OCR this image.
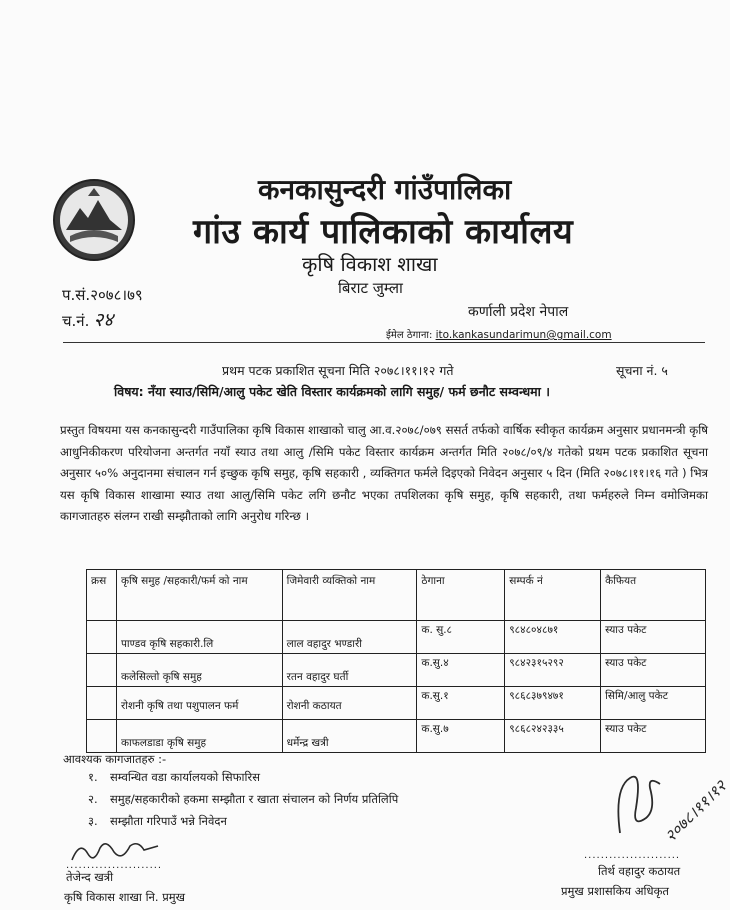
कनकासुन्दरी गांउँपालिका
गांउ कार्य पालिकाको कार्यालय
कृषि विकाश शाखा
बिराट जुम्ला
प.सं.२०७८।७९
च.नं. २४	कर्णाली प्रदेश नेपाल
ईमेल ठेगाना: ito.kankasundarimun@gmail.com
प्रथम पटक प्रकाशित सूचना मिति २०७८।११।१२ गते	सूचना नं. ५
विषय: नँया स्याउ/सिमि/आलु पकेट खेति विस्तार कार्यक्रमको लागि समुह/ फर्म छनौट सम्वन्धमा ।
प्रस्तुत विषयमा यस कनकासुन्दरी गाउँपालिका कृषि विकास शाखाको चालु आ.व.२०७८/०७९ ससर्त तर्फको वार्षिक स्वीकृत कार्यक्रम अनुसार प्रधानमन्त्री कृषि आधुनिकीकरण परियोजना अन्तर्गत नयाँ स्याउ तथा आलु /सिमि पकेट विस्तार कार्यक्रम अन्तर्गत मिति २०७८/०९/४ गतेको प्रथम पटक प्रकाशित सूचना अनुसार ५०% अनुदानमा संचालन गर्न इच्छुक कृषि समुह, कृषि सहकारी , व्यक्तिगत फर्मले दिइएको निवेदन अनुसार ५ दिन (मिति २०७८।११।१६ गते ) भित्र यस कृषि विकास शाखामा स्याउ तथा आलु/सिमि पकेट लगि छनौट भएका तपशिलका कृषि समुह, कृषि सहकारी, तथा फर्महरुले निम्न वमोजिमका कागजातहरु संलग्न राखी सम्झौताको लागि अनुरोध गरिन्छ ।
क्रस	कृषि समुह /सहकारी/फर्म को नाम	जिमेवारी व्यक्तिको नाम	ठेगाना	सम्पर्क नं	कैफियत

	पाण्डव कृषि सहकारी.लि	लाल वहादुर भण्डारी	क. सु.८	९८४८०४८७१	स्याउ पकेट

	कलेसिल्तो कृषि समुह	रतन वहादुर घर्ती	क.सु.४	९८४२३१५२९२	स्याउ पकेट

	रोशनी कृषि तथा पशुपालन फर्म	रोशनी कठायत	क.सु.१	९८६८३७९४७१	सिमि/आलु पकेट

	काफलडाडा कृषि समुह	धर्मेन्द्र खत्री	क.सु.७	९८६८२४२३३५	स्याउ पकेट
आवश्यक कागजातहरु :-
१. सम्वन्धित वडा कार्यालयको सिफारिस
२. समुह/सहकारीको हकमा सम्झौता र खाता संचालन को निर्णय प्रतिलिपि
३. सम्झौता गरिपाउँ भन्ने निवेदन
.......................
तेजेन्द खत्री
कृषि विकास शाखा नि. प्रमुख
२०७८।११।१२
.......................
तिर्थ वहादुर कठायत
प्रमुख प्रशासकिय अधिकृत
